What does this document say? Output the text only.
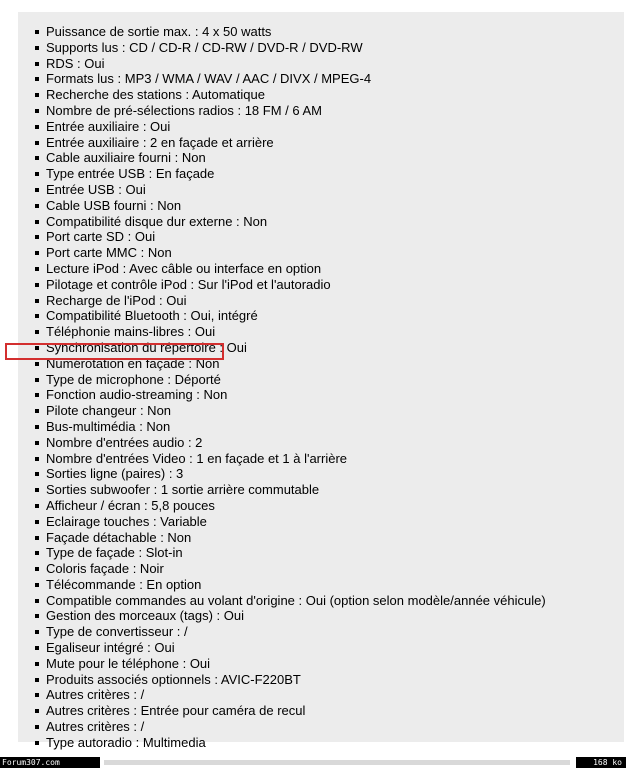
Puissance de sortie max. : 4 x 50 watts
Supports lus : CD / CD-R / CD-RW / DVD-R / DVD-RW
RDS : Oui
Formats lus : MP3 / WMA / WAV / AAC / DIVX / MPEG-4
Recherche des stations : Automatique
Nombre de pré-sélections radios : 18 FM / 6 AM
Entrée auxiliaire : Oui
Entrée auxiliaire : 2 en façade et arrière
Cable auxiliaire fourni : Non
Type entrée USB : En façade
Entrée USB : Oui
Cable USB fourni : Non
Compatibilité disque dur externe : Non
Port carte SD : Oui
Port carte MMC : Non
Lecture iPod : Avec câble ou interface en option
Pilotage et contrôle iPod : Sur l'iPod et l'autoradio
Recharge de l'iPod : Oui
Compatibilité Bluetooth : Oui, intégré
Téléphonie mains-libres : Oui
Synchronisation du répertoire : Oui
Numérotation en façade : Non
Type de microphone : Déporté
Fonction audio-streaming : Non
Pilote changeur : Non
Bus-multimédia : Non
Nombre d'entrées audio : 2
Nombre d'entrées Video : 1 en façade et 1 à l'arrière
Sorties ligne (paires) : 3
Sorties subwoofer : 1 sortie arrière commutable
Afficheur / écran : 5,8 pouces
Eclairage touches : Variable
Façade détachable : Non
Type de façade : Slot-in
Coloris façade : Noir
Télécommande : En option
Compatible commandes au volant d'origine : Oui (option selon modèle/année véhicule)
Gestion des morceaux (tags) : Oui
Type de convertisseur : /
Egaliseur intégré : Oui
Mute pour le téléphone : Oui
Produits associés optionnels : AVIC-F220BT
Autres critères : /
Autres critères : Entrée pour caméra de recul
Autres critères : /
Type autoradio : Multimedia
Forum307.com	168 ko
